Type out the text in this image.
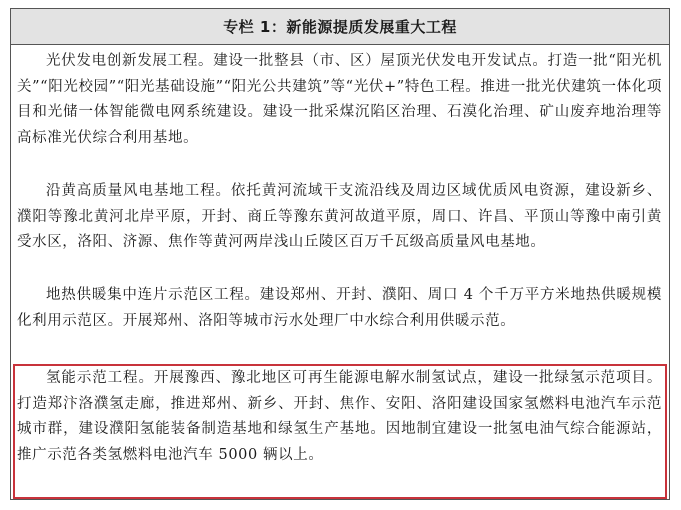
专栏 1：新能源提质发展重大工程

光伏发电创新发展工程。建设一批整县（市、区）屋顶光伏发电开发试点。打造一批“阳光机关”“阳光校园”“阳光基础设施”“阳光公共建筑”等“光伏+”特色工程。推进一批光伏建筑一体化项目和光储一体智能微电网系统建设。建设一批采煤沉陷区治理、石漠化治理、矿山废弃地治理等高标准光伏综合利用基地。

沿黄高质量风电基地工程。依托黄河流域干支流沿线及周边区域优质风电资源，建设新乡、濮阳等豫北黄河北岸平原，开封、商丘等豫东黄河故道平原，周口、许昌、平顶山等豫中南引黄受水区，洛阳、济源、焦作等黄河两岸浅山丘陵区百万千瓦级高质量风电基地。

地热供暖集中连片示范区工程。建设郑州、开封、濮阳、周口 4 个千万平方米地热供暖规模化利用示范区。开展郑州、洛阳等城市污水处理厂中水综合利用供暖示范。

氢能示范工程。开展豫西、豫北地区可再生能源电解水制氢试点，建设一批绿氢示范项目。打造郑汴洛濮氢走廊，推进郑州、新乡、开封、焦作、安阳、洛阳建设国家氢燃料电池汽车示范城市群，建设濮阳氢能装备制造基地和绿氢生产基地。因地制宜建设一批氢电油气综合能源站，推广示范各类氢燃料电池汽车 5000 辆以上。
